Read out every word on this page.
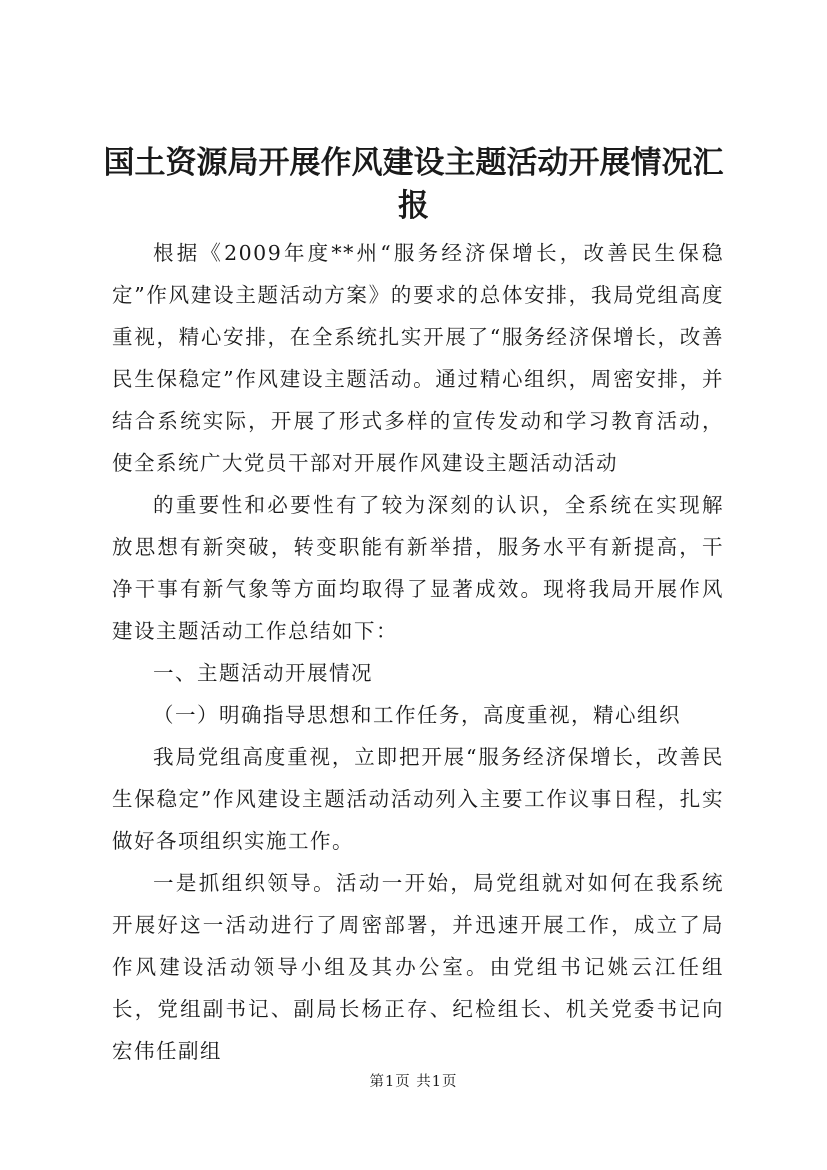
国土资源局开展作风建设主题活动开展情况汇报

根据《2009年度**州“服务经济保增长，改善民生保稳定”作风建设主题活动方案》的要求的总体安排，我局党组高度重视，精心安排，在全系统扎实开展了“服务经济保增长，改善民生保稳定”作风建设主题活动。通过精心组织，周密安排，并结合系统实际，开展了形式多样的宣传发动和学习教育活动，使全系统广大党员干部对开展作风建设主题活动活动

的重要性和必要性有了较为深刻的认识，全系统在实现解放思想有新突破，转变职能有新举措，服务水平有新提高，干净干事有新气象等方面均取得了显著成效。现将我局开展作风建设主题活动工作总结如下：

一、主题活动开展情况

（一）明确指导思想和工作任务，高度重视，精心组织

我局党组高度重视，立即把开展“服务经济保增长，改善民生保稳定”作风建设主题活动活动列入主要工作议事日程，扎实做好各项组织实施工作。

一是抓组织领导。活动一开始，局党组就对如何在我系统开展好这一活动进行了周密部署，并迅速开展工作，成立了局作风建设活动领导小组及其办公室。由党组书记姚云江任组长，党组副书记、副局长杨正存、纪检组长、机关党委书记向宏伟任副组

第1页 共1页
